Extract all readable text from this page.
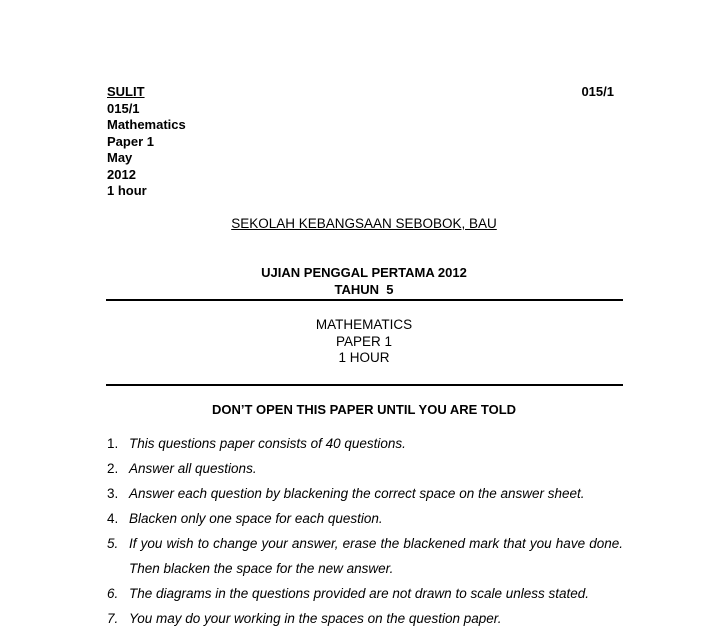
SULIT
015/1
Mathematics
Paper 1
May
2012
1 hour
015/1
SEKOLAH KEBANGSAAN SEBOBOK, BAU
UJIAN PENGGAL PERTAMA 2012
TAHUN  5
MATHEMATICS
PAPER 1
1 HOUR
DON’T OPEN THIS PAPER UNTIL YOU ARE TOLD
1. This questions paper consists of 40 questions.
2. Answer all questions.
3. Answer each question by blackening the correct space on the answer sheet.
4. Blacken only one space for each question.
5. If you wish to change your answer, erase the blackened mark that you have done. Then blacken the space for the new answer.
6. The diagrams in the questions provided are not drawn to scale unless stated.
7. You may do your working in the spaces on the question paper.
